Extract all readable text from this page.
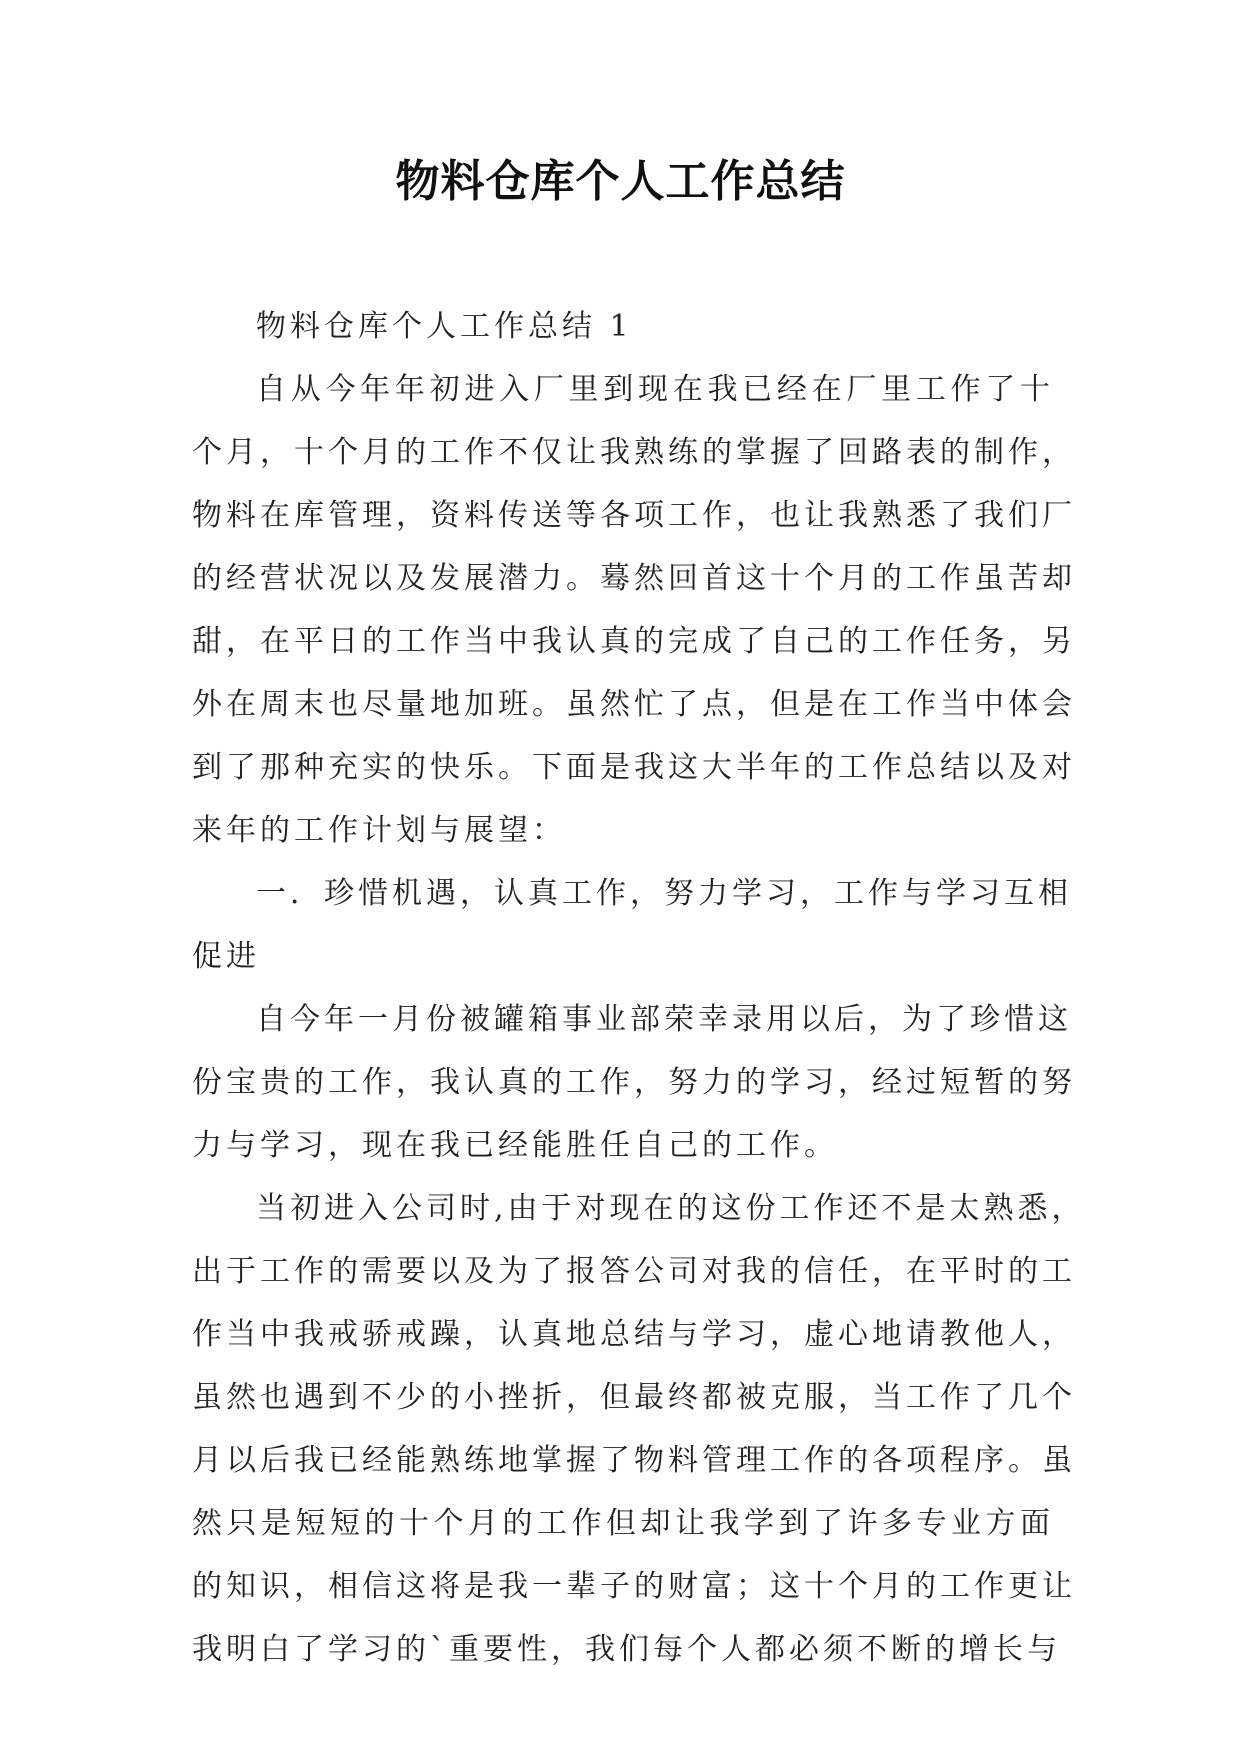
物料仓库个人工作总结
物料仓库个人工作总结 1
自从今年年初进入厂里到现在我已经在厂里工作了十
个月，十个月的工作不仅让我熟练的掌握了回路表的制作，
物料在库管理，资料传送等各项工作，也让我熟悉了我们厂
的经营状况以及发展潜力。蓦然回首这十个月的工作虽苦却
甜，在平日的工作当中我认真的完成了自己的工作任务，另
外在周末也尽量地加班。虽然忙了点，但是在工作当中体会
到了那种充实的快乐。下面是我这大半年的工作总结以及对
来年的工作计划与展望：
一．珍惜机遇，认真工作，努力学习，工作与学习互相
促进
自今年一月份被罐箱事业部荣幸录用以后，为了珍惜这
份宝贵的工作，我认真的工作，努力的学习，经过短暂的努
力与学习，现在我已经能胜任自己的工作。
当初进入公司时,由于对现在的这份工作还不是太熟悉，
出于工作的需要以及为了报答公司对我的信任，在平时的工
作当中我戒骄戒躁，认真地总结与学习，虚心地请教他人，
虽然也遇到不少的小挫折，但最终都被克服，当工作了几个
月以后我已经能熟练地掌握了物料管理工作的各项程序。虽
然只是短短的十个月的工作但却让我学到了许多专业方面
的知识，相信这将是我一辈子的财富；这十个月的工作更让
我明白了学习的`重要性，我们每个人都必须不断的增长与
